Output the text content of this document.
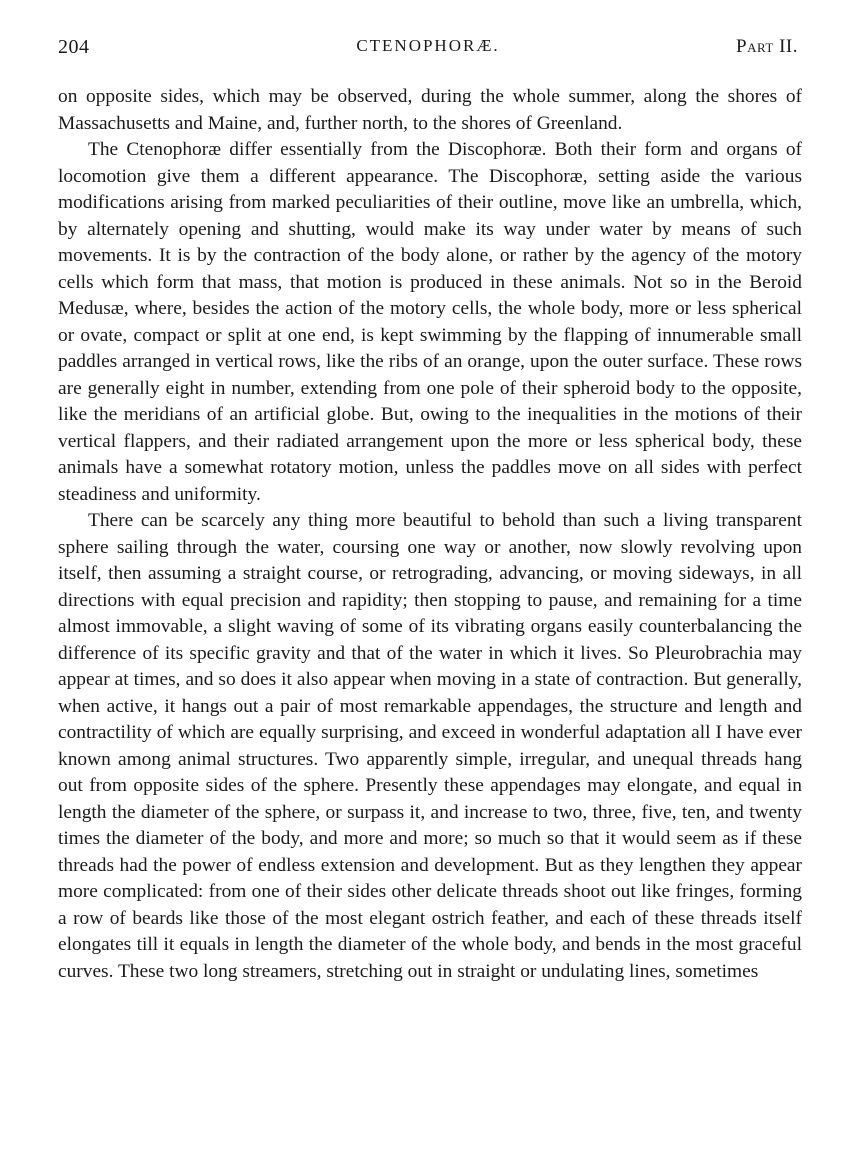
204	CTENOPHORÆ.	Part II.

on opposite sides, which may be observed, during the whole summer, along the shores of Massachusetts and Maine, and, further north, to the shores of Greenland.

The Ctenophoræ differ essentially from the Discophoræ. Both their form and organs of locomotion give them a different appearance. The Discophoræ, setting aside the various modifications arising from marked peculiarities of their outline, move like an umbrella, which, by alternately opening and shutting, would make its way under water by means of such movements. It is by the contraction of the body alone, or rather by the agency of the motory cells which form that mass, that motion is produced in these animals. Not so in the Beroid Medusæ, where, besides the action of the motory cells, the whole body, more or less spherical or ovate, compact or split at one end, is kept swimming by the flapping of innumerable small paddles arranged in vertical rows, like the ribs of an orange, upon the outer surface. These rows are generally eight in number, extending from one pole of their spheroid body to the opposite, like the meridians of an artificial globe. But, owing to the inequalities in the motions of their vertical flappers, and their radiated arrangement upon the more or less spherical body, these animals have a somewhat rotatory motion, unless the paddles move on all sides with perfect steadiness and uniformity.

There can be scarcely any thing more beautiful to behold than such a living transparent sphere sailing through the water, coursing one way or another, now slowly revolving upon itself, then assuming a straight course, or retrograding, advancing, or moving sideways, in all directions with equal precision and rapidity; then stopping to pause, and remaining for a time almost immovable, a slight waving of some of its vibrating organs easily counterbalancing the difference of its specific gravity and that of the water in which it lives. So Pleurobrachia may appear at times, and so does it also appear when moving in a state of contraction. But generally, when active, it hangs out a pair of most remarkable appendages, the structure and length and contractility of which are equally surprising, and exceed in wonderful adaptation all I have ever known among animal structures. Two apparently simple, irregular, and unequal threads hang out from opposite sides of the sphere. Presently these appendages may elongate, and equal in length the diameter of the sphere, or surpass it, and increase to two, three, five, ten, and twenty times the diameter of the body, and more and more; so much so that it would seem as if these threads had the power of endless extension and development. But as they lengthen they appear more complicated: from one of their sides other delicate threads shoot out like fringes, forming a row of beards like those of the most elegant ostrich feather, and each of these threads itself elongates till it equals in length the diameter of the whole body, and bends in the most graceful curves. These two long streamers, stretching out in straight or undulating lines, sometimes
